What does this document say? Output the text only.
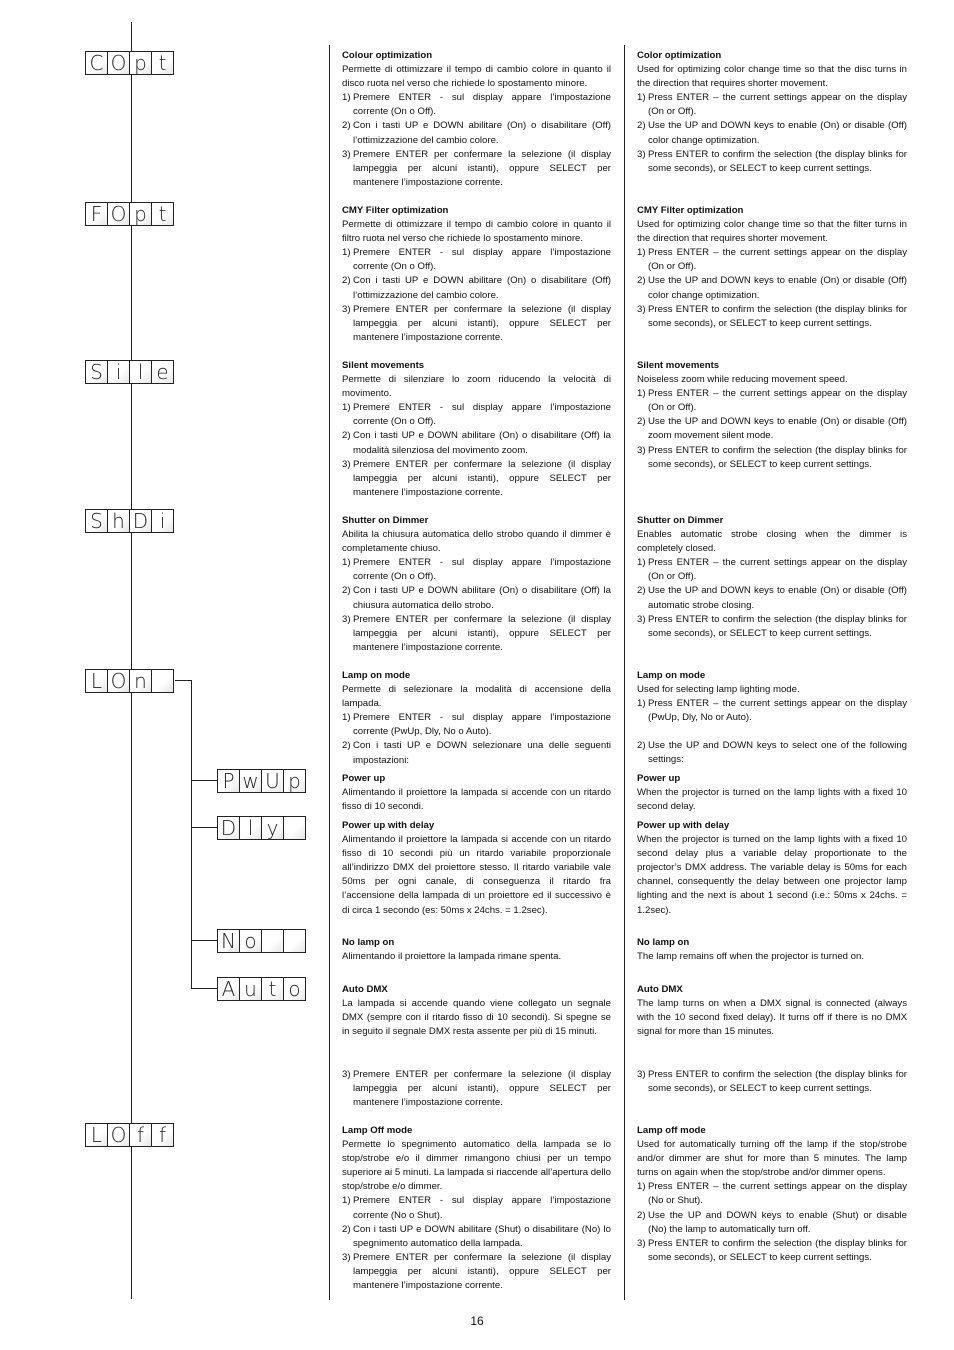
C O p t
F O p t
S i l e
S h D i
L O n
P w U p
D l y
N o
A u t o
L O f f
Colour optimization

Permette di ottimizzare il tempo di cambio colore in quanto il disco ruota nel verso che richiede lo spostamento minore.

1) Premere ENTER - sul display appare l’impostazione corrente (On o Off).
2) Con i tasti UP e DOWN abilitare (On) o disabilitare (Off) l’ottimizzazione del cambio colore.
3) Premere ENTER per confermare la selezione (il display lampeggia per alcuni istanti), oppure SELECT per mantenere l’impostazione corrente.
CMY Filter optimization

Permette di ottimizzare il tempo di cambio colore in quanto il filtro ruota nel verso che richiede lo spostamento minore.

1) Premere ENTER - sul display appare l’impostazione corrente (On o Off).
2) Con i tasti UP e DOWN abilitare (On) o disabilitare (Off) l’ottimizzazione del cambio colore.
3) Premere ENTER per confermare la selezione (il display lampeggia per alcuni istanti), oppure SELECT per mantenere l’impostazione corrente.
Silent movements

Permette di silenziare lo zoom riducendo la velocità di movimento.

1) Premere ENTER - sul display appare l’impostazione corrente (On o Off).
2) Con i tasti UP e DOWN abilitare (On) o disabilitare (Off) la modalità silenziosa del movimento zoom.
3) Premere ENTER per confermare la selezione (il display lampeggia per alcuni istanti), oppure SELECT per mantenere l’impostazione corrente.
Shutter on Dimmer

Abilita la chiusura automatica dello strobo quando il dimmer è completamente chiuso.

1) Premere ENTER - sul display appare l’impostazione corrente (On o Off).
2) Con i tasti UP e DOWN abilitare (On) o disabilitare (Off) la chiusura automatica dello strobo.
3) Premere ENTER per confermare la selezione (il display lampeggia per alcuni istanti), oppure SELECT per mantenere l’impostazione corrente.
Lamp on mode

Permette di selezionare la modalità di accensione della lampada.

1) Premere ENTER - sul display appare l’impostazione corrente (PwUp, Dly, No o Auto).
2) Con i tasti UP e DOWN selezionare una delle seguenti impostazioni:
Power up

Alimentando il proiettore la lampada si accende con un ritardo fisso di 10 secondi.

Power up with delay

Alimentando il proiettore la lampada si accende con un ritardo fisso di 10 secondi più un ritardo variabile proporzionale all’indirizzo DMX del proiettore stesso. Il ritardo variabile vale 50ms per ogni canale, di conseguenza il ritardo fra l’accensione della lampada di un proiettore ed il successivo è di circa 1 secondo (es: 50ms x 24chs. = 1.2sec).

No lamp on

Alimentando il proiettore la lampada rimane spenta.

Auto DMX

La lampada si accende quando viene collegato un segnale DMX (sempre con il ritardo fisso di 10 secondi). Si spegne se in seguito il segnale DMX resta assente per più di 15 minuti.

3) Premere ENTER per confermare la selezione (il display lampeggia per alcuni istanti), oppure SELECT per mantenere l’impostazione corrente.
Lamp Off mode

Permette lo spegnimento automatico della lampada se lo stop/strobe e/o il dimmer rimangono chiusi per un tempo superiore ai 5 minuti. La lampada si riaccende all’apertura dello stop/strobe e/o dimmer.

1) Premere ENTER - sul display appare l’impostazione corrente (No o Shut).
2) Con i tasti UP e DOWN abilitare (Shut) o disabilitare (No) lo spegnimento automatico della lampada.
3) Premere ENTER per confermare la selezione (il display lampeggia per alcuni istanti), oppure SELECT per mantenere l’impostazione corrente.
Color optimization

Used for optimizing color change time so that the disc turns in the direction that requires shorter movement.

1) Press ENTER – the current settings appear on the display (On or Off).
2) Use the UP and DOWN keys to enable (On) or disable (Off) color change optimization.
3) Press ENTER to confirm the selection (the display blinks for some seconds), or SELECT to keep current settings.
CMY Filter optimization

Used for optimizing color change time so that the filter turns in the direction that requires shorter movement.

1) Press ENTER – the current settings appear on the display (On or Off).
2) Use the UP and DOWN keys to enable (On) or disable (Off) color change optimization.
3) Press ENTER to confirm the selection (the display blinks for some seconds), or SELECT to keep current settings.
Silent movements

Noiseless zoom while reducing movement speed.

1) Press ENTER – the current settings appear on the display (On or Off).
2) Use the UP and DOWN keys to enable (On) or disable (Off) zoom movement silent mode.
3) Press ENTER to confirm the selection (the display blinks for some seconds), or SELECT to keep current settings.
Shutter on Dimmer

Enables automatic strobe closing when the dimmer is completely closed.

1) Press ENTER – the current settings appear on the display (On or Off).
2) Use the UP and DOWN keys to enable (On) or disable (Off) automatic strobe closing.
3) Press ENTER to confirm the selection (the display blinks for some seconds), or SELECT to keep current settings.
Lamp on mode

Used for selecting lamp lighting mode.

1) Press ENTER – the current settings appear on the display (PwUp, Dly, No or Auto).
2) Use the UP and DOWN keys to select one of the following settings:
Power up

When the projector is turned on the lamp lights with a fixed 10 second delay.

Power up with delay

When the projector is turned on the lamp lights with a fixed 10 second delay plus a variable delay proportionate to the projector’s DMX address. The variable delay is 50ms for each channel, consequently the delay between one projector lamp lighting and the next is about 1 second (i.e.: 50ms x 24chs. = 1.2sec).

No lamp on

The lamp remains off when the projector is turned on.

Auto DMX

The lamp turns on when a DMX signal is connected (always with the 10 second fixed delay). It turns off if there is no DMX signal for more than 15 minutes.

3) Press ENTER to confirm the selection (the display blinks for some seconds), or SELECT to keep current settings.
Lamp off mode

Used for automatically turning off the lamp if the stop/strobe and/or dimmer are shut for more than 5 minutes. The lamp turns on again when the stop/strobe and/or dimmer opens.

1) Press ENTER – the current settings appear on the display (No or Shut).
2) Use the UP and DOWN keys to enable (Shut) or disable (No) the lamp to automatically turn off.
3) Press ENTER to confirm the selection (the display blinks for some seconds), or SELECT to keep current settings.
16
